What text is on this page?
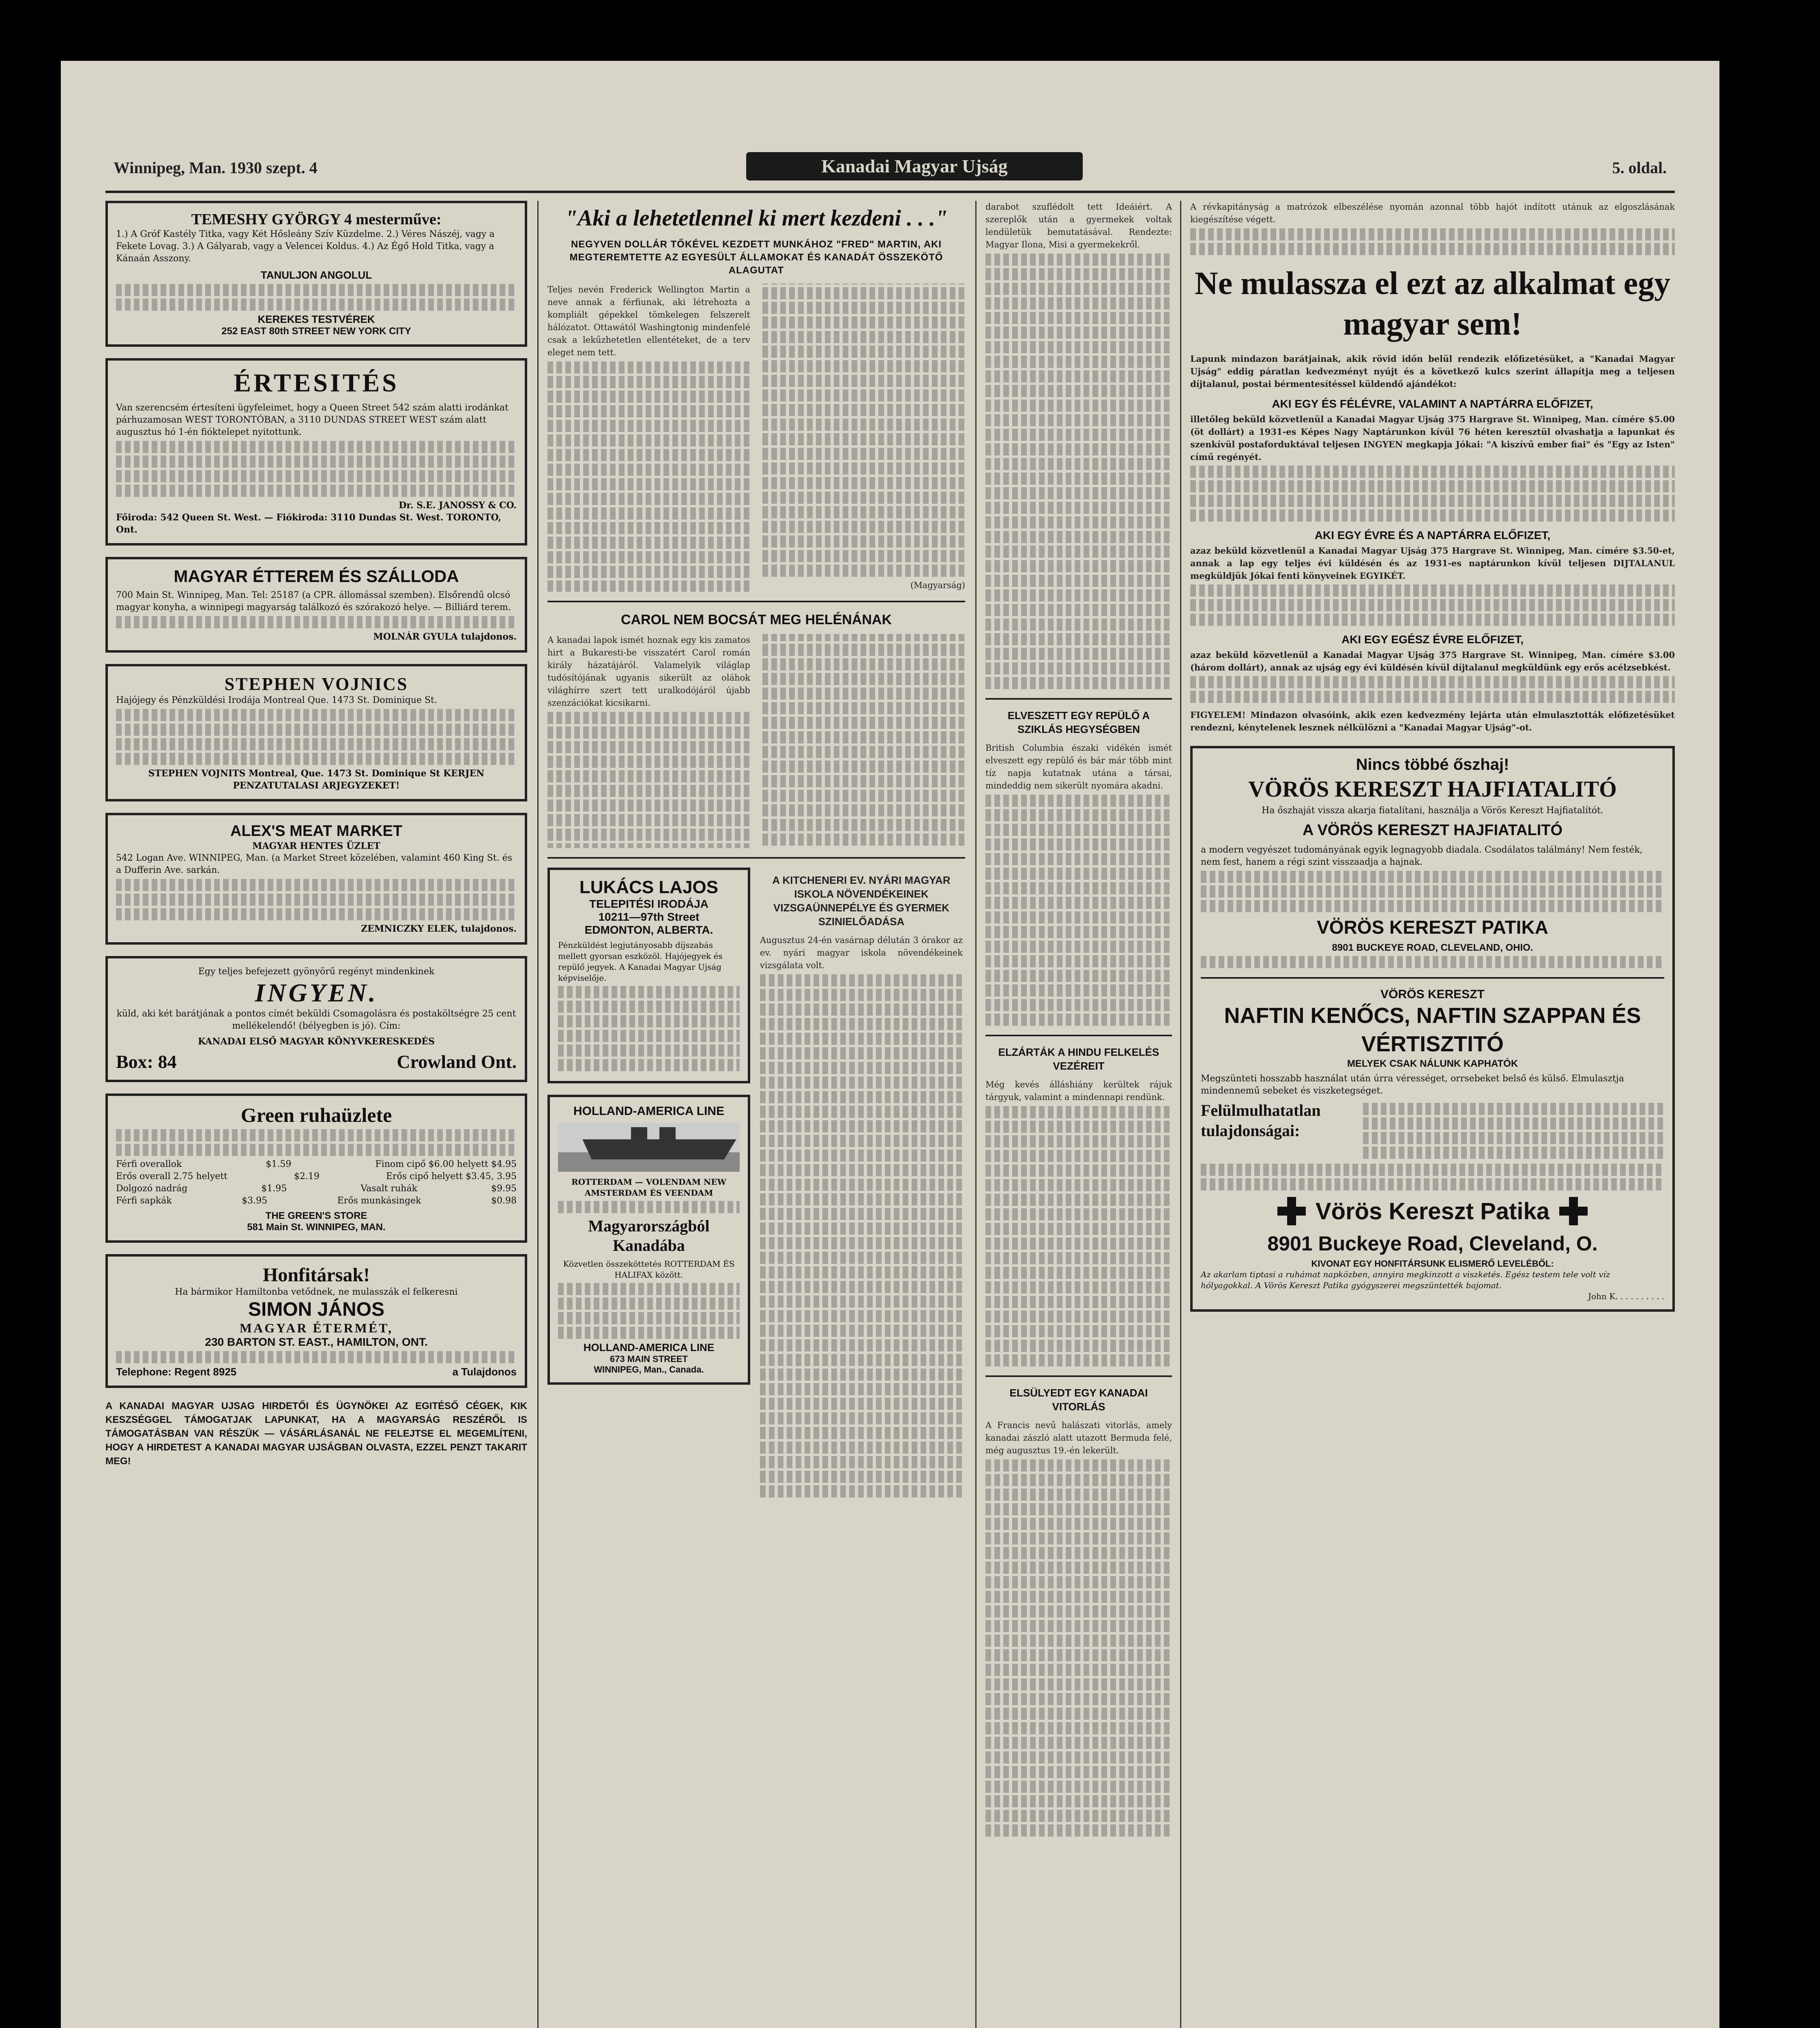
Winnipeg, Man. 1930 szept. 4	Kanadai Magyar Ujság	5. oldal.
TEMESHY GYÖRGY 4 mesterműve:
1.) A Gróf Kastély Titka, vagy Két Hősleány Szív Küzdelme. 2.) Véres Nászéj, vagy a Fekete Lovag. 3.) A Gályarab, vagy a Velencei Koldus. 4.) Az Égő Hold Titka, vagy a Kánaán Asszony.
TANULJON ANGOLUL
KEREKES TESTVÉREK
252 EAST 80th STREET NEW YORK CITY
ÉRTESITÉS
Van szerencsém értesíteni ügyfeleimet, hogy a Queen Street 542 szám alatti irodánkat párhuzamosan WEST TORONTÓBAN, a 3110 DUNDAS STREET WEST szám alatt augusztus hó 1-én fióktelepet nyitottunk.
Dr. S.E. JANOSSY & CO.
Főiroda: 542 Queen St. West. — Fiókiroda: 3110 Dundas St. West. TORONTO, Ont.
MAGYAR ÉTTEREM ÉS SZÁLLODA
700 Main St. Winnipeg, Man. Tel: 25187 (a CPR. állomással szemben). Elsőrendű olcsó magyar konyha, a winnipegi magyarság találkozó és szórakozó helye. — Billiárd terem.
MOLNÁR GYULA tulajdonos.
STEPHEN VOJNICS
Hajójegy és Pénzküldési Irodája Montreal Que. 1473 St. Dominique St.
STEPHEN VOJNITS Montreal, Que. 1473 St. Dominique St KERJEN PENZATUTALASI ARJEGYZEKET!
ALEX'S MEAT MARKET
MAGYAR HENTES ÜZLET
542 Logan Ave. WINNIPEG, Man. (a Market Street közelében, valamint 460 King St. és a Dufferin Ave. sarkán.
ZEMNICZKY ELEK, tulajdonos.
Egy teljes befejezett gyönyörű regényt mindenkinek
INGYEN.
küld, aki két barátjának a pontos címét beküldi Csomagolásra és postaköltségre 25 cent mellékelendő! (bélyegben is jó). Cím:
KANADAI ELSŐ MAGYAR KÖNYVKERESKEDÉS
Box: 84	Crowland Ont.
Green ruhaüzlete
Férfi overallok	$1.59	Finom cipő $6.00 helyett $4.95
Erős overall 2.75 helyett	$2.19	Erős cipő helyett $3.45, 3.95
Dolgozó nadrág	$1.95	Vasalt ruhák	$9.95
Férfi sapkák	$3.95	Erős munkásingek	$0.98
THE GREEN'S STORE
581 Main St. WINNIPEG, MAN.
Honfitársak!
Ha bármikor Hamiltonba vetődnek, ne mulasszák el felkeresni
SIMON JÁNOS
MAGYAR ÉTERMÉT,
230 BARTON ST. EAST., HAMILTON, ONT.
Telephone: Regent 8925	a Tulajdonos
A KANADAI MAGYAR UJSAG HIRDETŐI ÉS ÜGYNÖKEI AZ EGITÉSŐ CÉGEK, KIK KESZSÉGGEL TÁMOGATJAK LAPUNKAT, HA A MAGYARSÁG RESZÉRŐL IS TÁMOGATÁSBAN VAN RÉSZÜK — VÁSÁRLÁSANÁL NE FELEJTSE EL MEGEMLÍTENI, HOGY A HIRDETEST A KANADAI MAGYAR UJSÁGBAN OLVASTA, EZZEL PENZT TAKARIT MEG!
"Aki a lehetetlennel ki mert kezdeni . . ."
NEGYVEN DOLLÁR TŐKÉVEL KEZDETT MUNKÁHOZ "FRED" MARTIN, AKI MEGTEREMTETTE AZ EGYESÜLT ÁLLAMOKAT ÉS KANADÁT ÖSSZEKÖTŐ ALAGUTAT

Teljes nevén Frederick Wellington Martin a neve annak a férfiunak, aki létrehozta a kompliált gépekkel tömkelegen felszerelt hálózatot. Ottawától Washingtonig mindenfelé csak a lekűzhetetlen ellentéteket, de a terv eleget nem tett.

(Magyarság)

CAROL NEM BOCSÁT MEG HELÉNÁNAK

A kanadai lapok ismét hoznak egy kis zamatos hirt a Bukaresti-be visszatért Carol román király házatájáról. Valamelyik világlap tudósítójának ugyanis sikerült az oláhok világhírre szert tett uralkodójáról újabb szenzációkat kicsikarni.

LUKÁCS LAJOS
TELEPITÉSI IRODÁJA
10211—97th Street
EDMONTON, ALBERTA.
Pénzküldést legjutányosabb díjszabás mellett gyorsan eszközöl. Hajójegyek és repülő jegyek. A Kanadai Magyar Ujság képviselője.
HOLLAND-AMERICA LINE
ROTTERDAM — VOLENDAM NEW AMSTERDAM ÉS VEENDAM
Magyarországból Kanadába
Közvetlen összeköttetés ROTTERDAM ÉS HALIFAX között.
HOLLAND-AMERICA LINE
673 MAIN STREET
WINNIPEG, Man., Canada.
A KITCHENERI EV. NYÁRI MAGYAR ISKOLA NÖVENDÉKEINEK VIZSGAÜNNEPÉLYE ÉS GYERMEK SZINIELŐADÁSA

Augusztus 24-én vasárnap délután 3 órakor az ev. nyári magyar iskola növendékeinek vizsgálata volt.

darabot szuflédolt tett Ideáiért. A szereplők után a gyermekek voltak lendületük bemutatásával. Rendezte: Magyar Ilona, Misi a gyermekekről.

ELVESZETT EGY REPÜLŐ A SZIKLÁS HEGYSÉGBEN

British Columbia északi vidékén ismét elveszett egy repülő és bár már több mint tíz napja kutatnak utána a társai, mindeddig nem sikerült nyomára akadni.

ELZÁRTÁK A HINDU FELKELÉS VEZÉREIT

Még kevés álláshiány kerültek rájuk tárgyuk, valamint a mindennapi rendünk.

ELSÜLYEDT EGY KANADAI VITORLÁS

A Francis nevű halászati vitorlás, amely kanadai zászló alatt utazott Bermuda felé, még augusztus 19.-én lekerült.

A révkapitányság a matrózok elbeszélése nyomán azonnal több hajót indított utánuk az elgoszlásának kiegészítése végett.
Ne mulassza el ezt az alkalmat egy magyar sem!
Lapunk mindazon barátjainak, akik rövid időn belül rendezik előfizetésüket, a "Kanadai Magyar Ujság" eddig páratlan kedvezményt nyújt és a következő kulcs szerint állapítja meg a teljesen díjtalanul, postai bérmentesítéssel küldendő ajándékot:
AKI EGY ÉS FÉLÉVRE, VALAMINT A NAPTÁRRA ELŐFIZET,
illetőleg beküld közvetlenül a Kanadai Magyar Ujság 375 Hargrave St. Winnipeg, Man. címére $5.00 (öt dollárt) a 1931-es Képes Nagy Naptárunkon kívül 76 héten keresztül olvashatja a lapunkat és szenkívül postaforduktával teljesen INGYEN megkapja Jókai: "A kiszívű ember fiai" és "Egy az Isten" című regényét.
AKI EGY ÉVRE ÉS A NAPTÁRRA ELŐFIZET,
azaz beküld közvetlenül a Kanadai Magyar Ujság 375 Hargrave St. Winnipeg, Man. címére $3.50-et, annak a lap egy teljes évi küldésén és az 1931-es naptárunkon kívül teljesen DIJTALANUL megküldjük Jókai fenti könyveinek EGYIKÉT.
AKI EGY EGÉSZ ÉVRE ELŐFIZET,
azaz beküld közvetlenül a Kanadai Magyar Ujság 375 Hargrave St. Winnipeg, Man. címére $3.00 (három dollárt), annak az ujság egy évi küldésén kívül díjtalanul megküldünk egy erős acélzsebkést.
FIGYELEM! Mindazon olvasóink, akik ezen kedvezmény lejárta után elmulasztották előfizetésüket rendezni, kénytelenek lesznek nélkülözni a "Kanadai Magyar Ujság"-ot.
Nincs többé őszhaj!
VÖRÖS KERESZT HAJFIATALITÓ
Ha őszhaját vissza akarja fiatalítani, használja a Vörös Kereszt Hajfiatalítót.
A VÖRÖS KERESZT HAJFIATALITÓ
a modern vegyészet tudományának egyik legnagyobb diadala. Csodálatos találmány! Nem festék, nem fest, hanem a régi szint visszaadja a hajnak.
VÖRÖS KERESZT PATIKA
8901 BUCKEYE ROAD, CLEVELAND, OHIO.
VÖRÖS KERESZT
NAFTIN KENŐCS, NAFTIN SZAPPAN ÉS VÉRTISZTITÓ
MELYEK CSAK NÁLUNK KAPHATÓK
Megszünteti hosszabb használat után úrra vérességet, orrsebeket belső és külső. Elmulasztja mindennemű sebeket és viszketegséget.
Felülmulhatatlan tulajdonságai:
Vörös Kereszt Patika
8901 Buckeye Road, Cleveland, O.
KIVONAT EGY HONFITÁRSUNK ELISMERŐ LEVELÉBŐL:
Az akarlam tiptasi a ruhámat napközben, annyira megkinzott a viszketés. Egész testem tele volt víz hólyagokkal. A Vörös Kereszt Patika gyógyszerei megszüntették bajomat.
John K. . . . . . . . . .
